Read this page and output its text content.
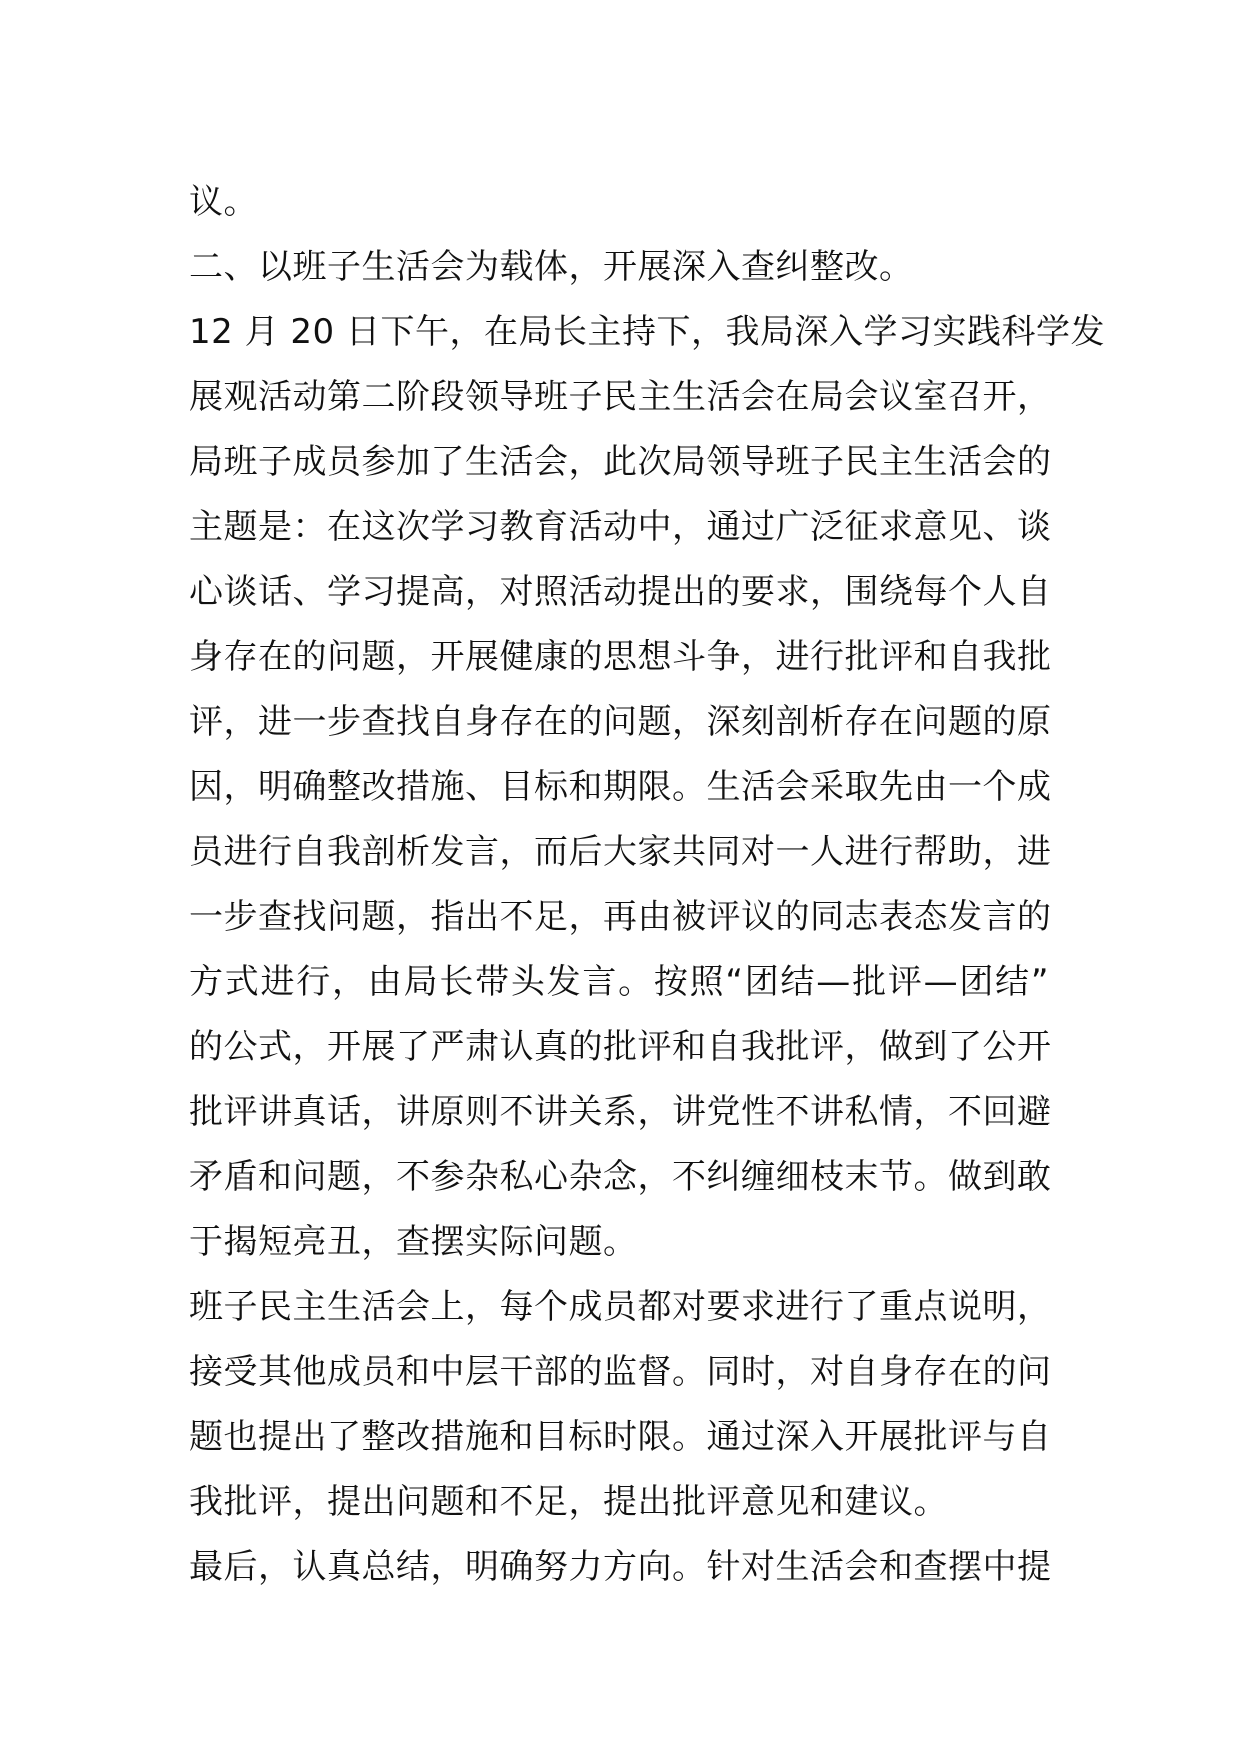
议。
二、以班子生活会为载体，开展深入查纠整改。
12 月 20 日下午，在局长主持下，我局深入学习实践科学发
展观活动第二阶段领导班子民主生活会在局会议室召开，
局班子成员参加了生活会，此次局领导班子民主生活会的
主题是：在这次学习教育活动中，通过广泛征求意见、谈
心谈话、学习提高，对照活动提出的要求，围绕每个人自
身存在的问题，开展健康的思想斗争，进行批评和自我批
评，进一步查找自身存在的问题，深刻剖析存在问题的原
因，明确整改措施、目标和期限。生活会采取先由一个成
员进行自我剖析发言，而后大家共同对一人进行帮助，进
一步查找问题，指出不足，再由被评议的同志表态发言的
方式进行，由局长带头发言。按照“团结—批评—团结”
的公式，开展了严肃认真的批评和自我批评，做到了公开
批评讲真话，讲原则不讲关系，讲党性不讲私情，不回避
矛盾和问题，不参杂私心杂念，不纠缠细枝末节。做到敢
于揭短亮丑，查摆实际问题。
班子民主生活会上，每个成员都对要求进行了重点说明，
接受其他成员和中层干部的监督。同时，对自身存在的问
题也提出了整改措施和目标时限。通过深入开展批评与自
我批评，提出问题和不足，提出批评意见和建议。
最后，认真总结，明确努力方向。针对生活会和查摆中提
